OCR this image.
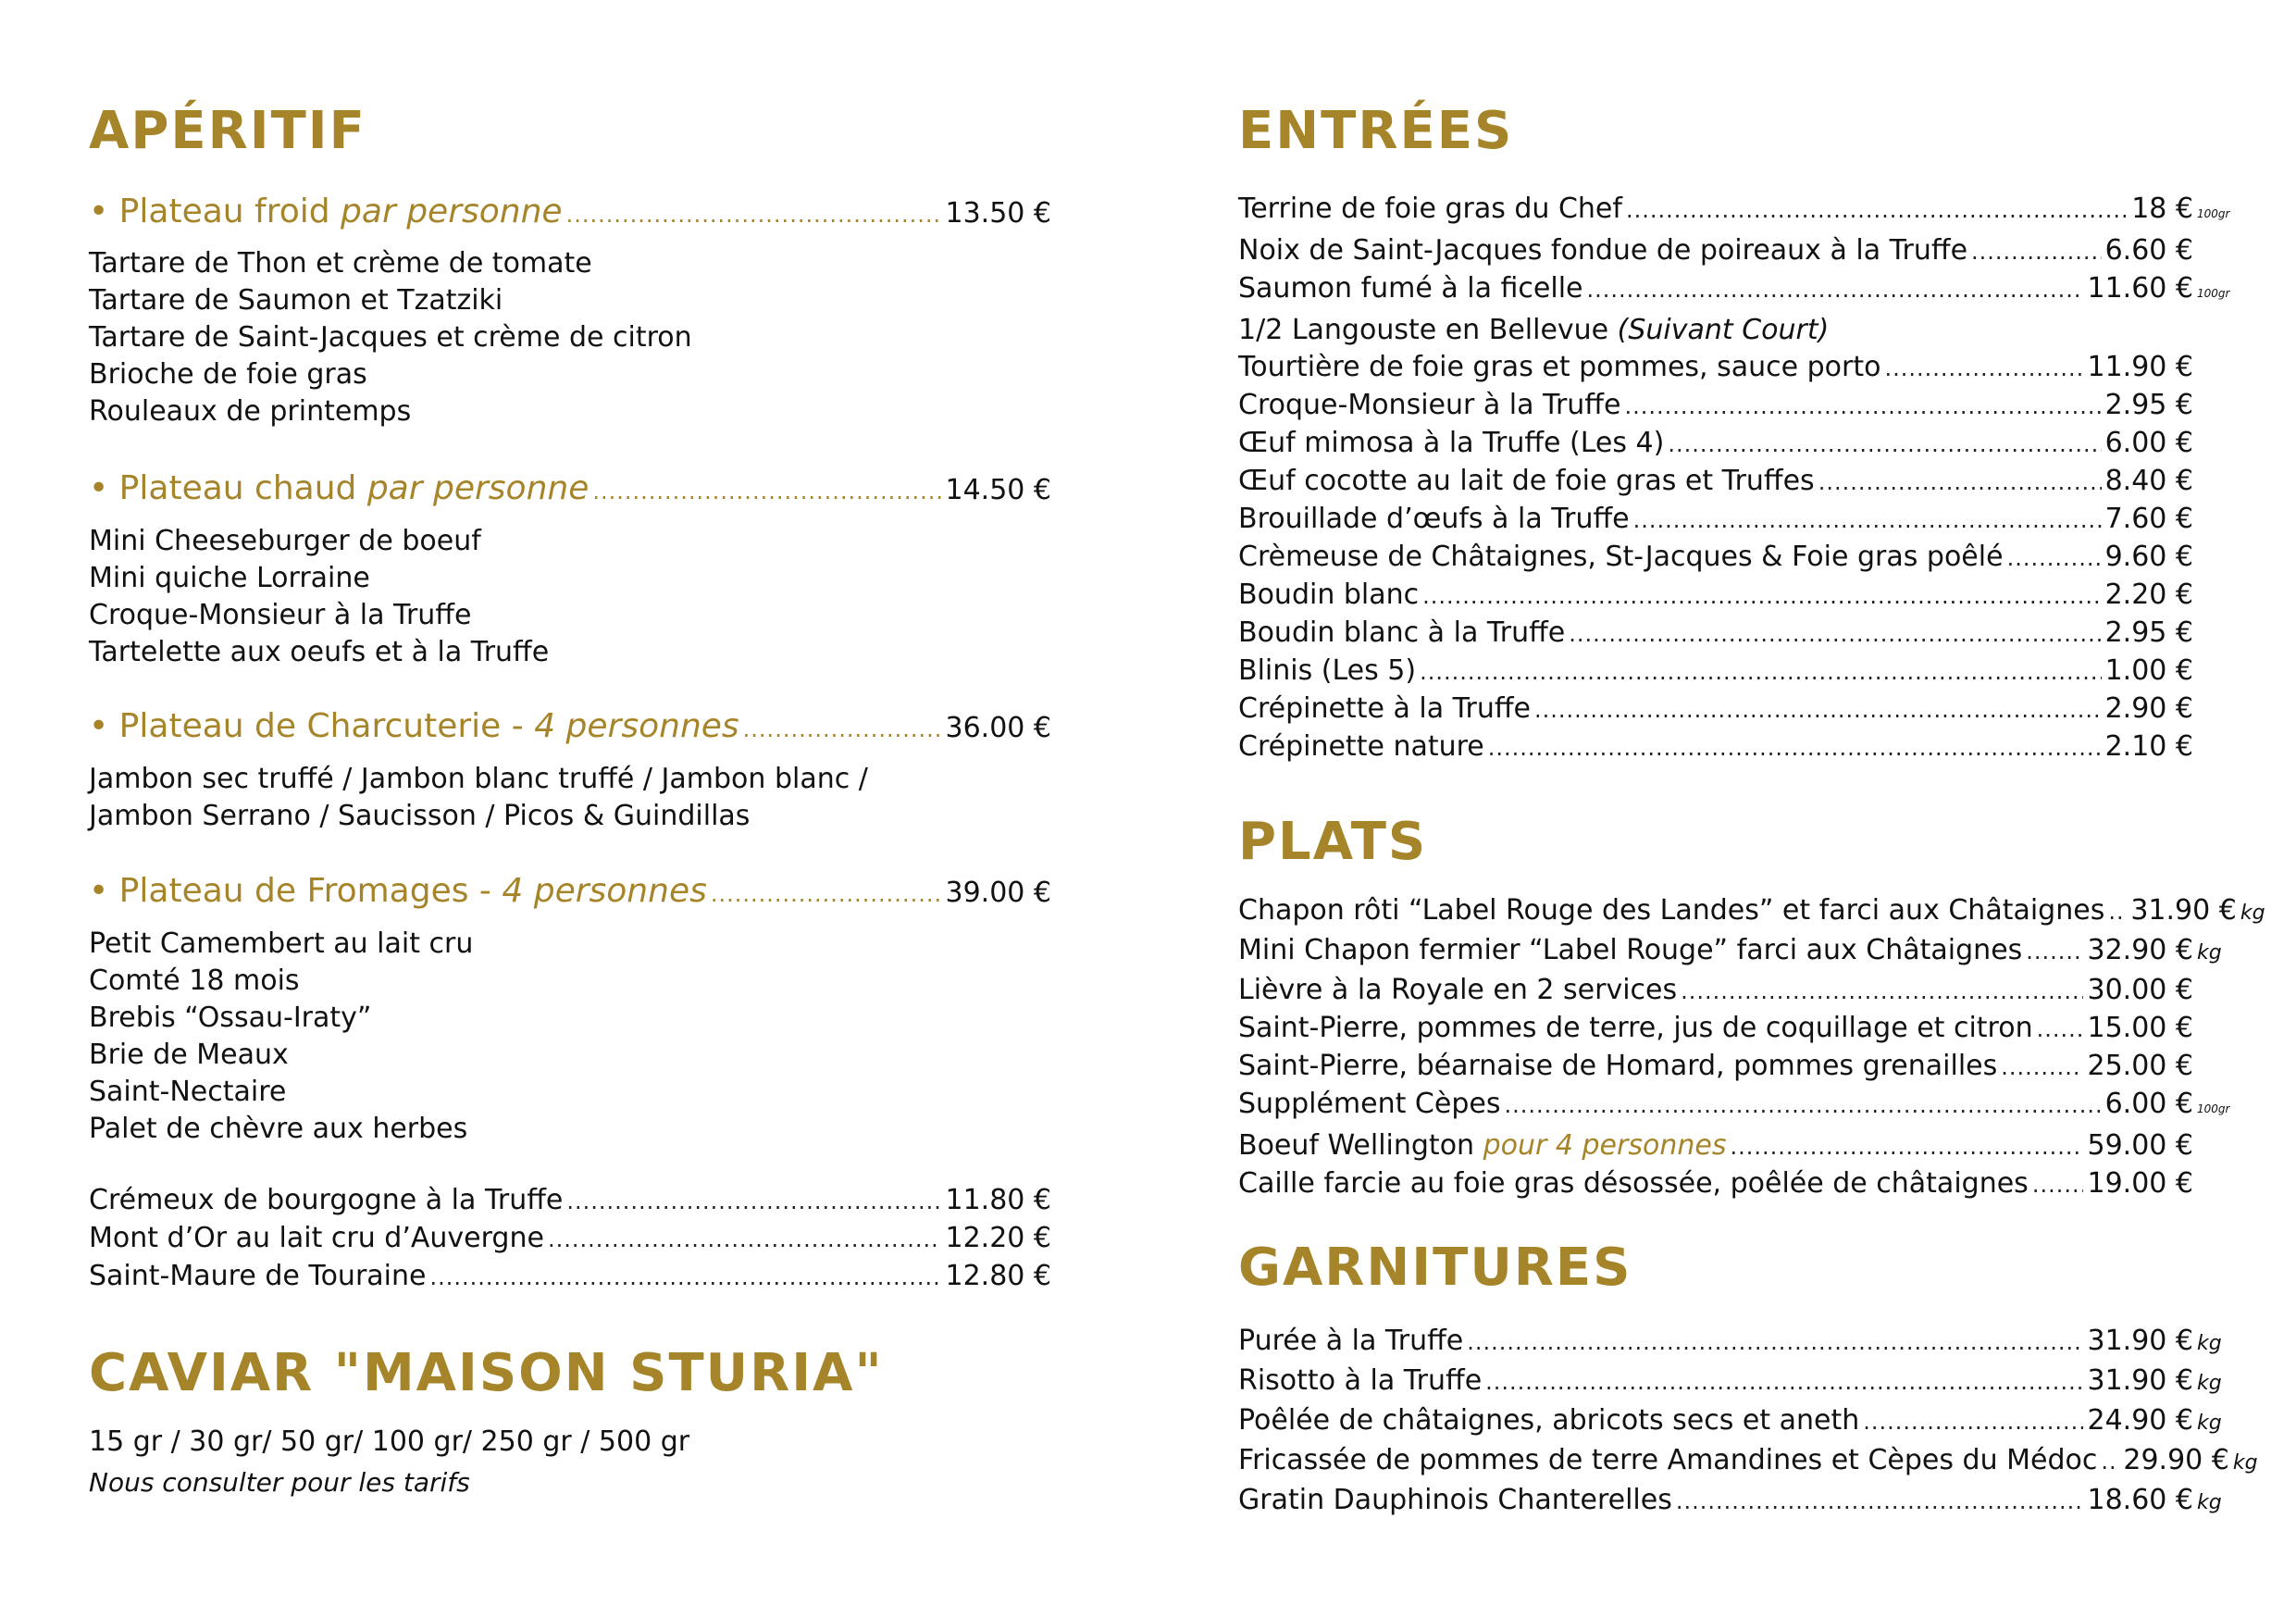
APÉRITIF
• Plateau froid par personne .....	13.50 €
Tartare de Thon et crème de tomate
Tartare de Saumon et Tzatziki
Tartare de Saint-Jacques et crème de citron
Brioche de foie gras
Rouleaux de printemps
• Plateau chaud par personne .....	14.50 €
Mini Cheeseburger de boeuf
Mini quiche Lorraine
Croque-Monsieur à la Truffe
Tartelette aux oeufs et à la Truffe
• Plateau de Charcuterie - 4 personnes .....	36.00 €
Jambon sec truffé / Jambon blanc truffé / Jambon blanc /
Jambon Serrano / Saucisson / Picos & Guindillas
• Plateau de Fromages - 4 personnes .....	39.00 €
Petit Camembert au lait cru
Comté 18 mois
Brebis “Ossau-Iraty”
Brie de Meaux
Saint-Nectaire
Palet de chèvre aux herbes
Crémeux de bourgogne à la Truffe .....	11.80 €
Mont d’Or au lait cru d’Auvergne .....	12.20 €
Saint-Maure de Touraine .....	12.80 €
CAVIAR "MAISON STURIA"
15 gr / 30 gr/ 50 gr/ 100 gr/ 250 gr / 500 gr
Nous consulter pour les tarifs
ENTRÉES
Terrine de foie gras du Chef .....	18 € 100gr
Noix de Saint-Jacques fondue de poireaux à la Truffe .....	6.60 €
Saumon fumé à la ficelle .....	11.60 € 100gr
1/2 Langouste en Bellevue (Suivant Court)
Tourtière de foie gras et pommes, sauce porto .....	11.90 €
Croque-Monsieur à la Truffe .....	2.95 €
Œuf mimosa à la Truffe (Les 4) .....	6.00 €
Œuf cocotte au lait de foie gras et Truffes .....	8.40 €
Brouillade d’œufs à la Truffe .....	7.60 €
Crèmeuse de Châtaignes, St-Jacques & Foie gras poêlé .....	9.60 €
Boudin blanc .....	2.20 €
Boudin blanc à la Truffe .....	2.95 €
Blinis (Les 5) .....	1.00 €
Crépinette à la Truffe .....	2.90 €
Crépinette nature .....	2.10 €
PLATS
Chapon rôti “Label Rouge des Landes” et farci aux Châtaignes ..... 31.90 € kg
Mini Chapon fermier “Label Rouge” farci aux Châtaignes ..... 32.90 € kg
Lièvre à la Royale en 2 services .....	30.00 €
Saint-Pierre, pommes de terre, jus de coquillage et citron ..... 15.00 €
Saint-Pierre, béarnaise de Homard, pommes grenailles .....	25.00 €
Supplément Cèpes .....	6.00 € 100gr
Boeuf Wellington pour 4 personnes .....	59.00 €
Caille farcie au foie gras désossée, poêlée de châtaignes ..... 19.00 €
GARNITURES
Purée à la Truffe .....	31.90 € kg
Risotto à la Truffe .....	31.90 € kg
Poêlée de châtaignes, abricots secs et aneth .....	24.90 € kg
Fricassée de pommes de terre Amandines et Cèpes du Médoc ..... 29.90 € kg
Gratin Dauphinois Chanterelles .....	18.60 € kg
